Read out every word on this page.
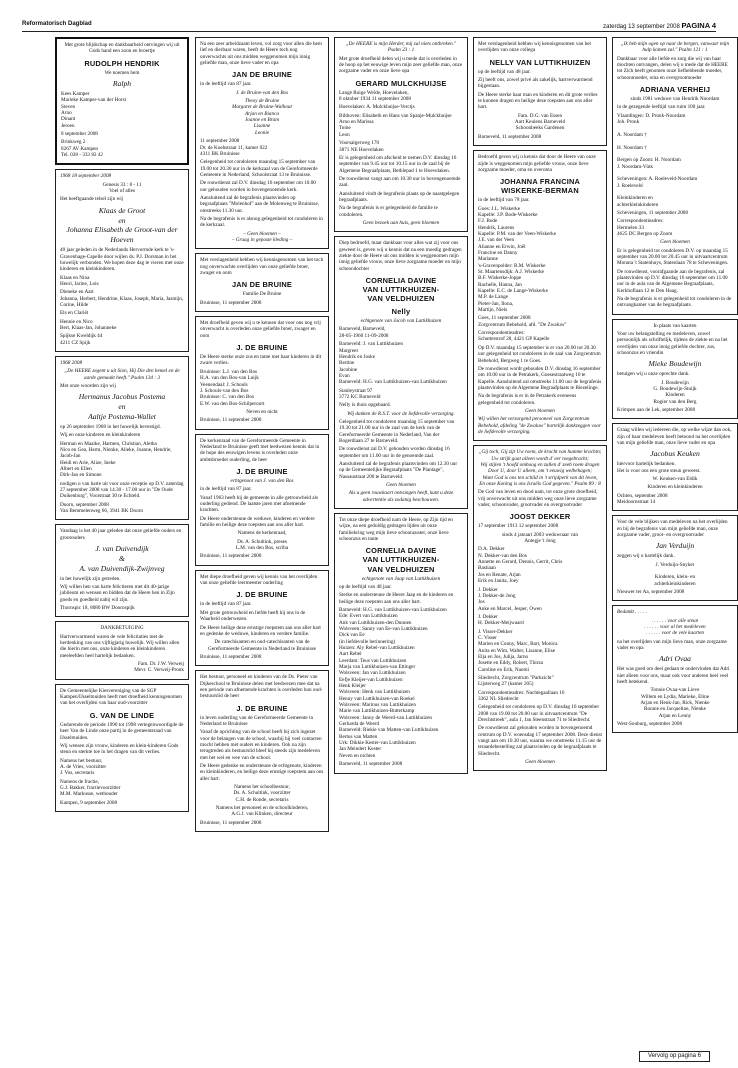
Reformatorisch Dagblad	zaterdag 13 september 2008 PAGINA 4

Met grote blijdschap en dankbaarheid ontvingen wij uit Gods hand een zoon en broertje

RUDOLPH HENDRIK

We noemen hem

Ralph

Kees Kamper
Marieke Kamper-van der Horst
Steven
Arno
Dinant
Jeroen

8 september 2008

Brinkweg 2
8267 AV Kampen
Tel. 038 - 333 82 42

1968 18 september 2008

Genesis 33 : 8 - 11
Voel of alles

Het heeftgaande telsel zijn wij

Klaas de Groot
en
Johanna Elisabeth de Groot-van der Hoeven

40 jaar geleden in de Nederlands Hervormde kerk te 's-Gravenhage-Capelle door wijlen ds. P.J. Dorsman in het huwelijk verbonden. We hopen deze dag te vieren met onze kinderen en kleinkinderen.

Klaas en Nina
Henri, Jarine, Lois

Dieneke en Aart
Johanna, Herbert, Hendrine, Klaas, Joseph, Maria, Jasmijn, Corine, Hilde

Els en Clariët

Hennie en Nico
Bert, Klaas-Jan, Johanneke

Spijkse Kweldijk 44
4211 CZ Spijk

1968 2008

„De HEERE zegent u uit Sion, Hij Die den hemel en de aarde gemaakt heeft." Psalm 134 : 3

Met onze woorden zijn wij

Hermanus Jacobus Postema
en
Aaltje Postema-Wallet

op 26 september 1968 in het huwelijk bevestigd.

Wij en onze kinderen en kleinkinderen

Herman en Maaike, Harmen, Christian, Aletha
Nico en Gea, Harm, Nienke, Alieke, Joanne, Hendrie, Jacob-Jan
Heidi en Arie, Alize, Ineke
Albert en Ellen
Dirk-Jan en Simone

nodigen u van harte uit voor onze receptie op D.V. zaterdag 27 september 2008 van 14.30 - 17.00 uur in "De Oude Duikenburg", Voorstraat 30 te Echteld.

Doorn, september 2008
Van Bemmelenweg 66, 3941 BK Doorn

Vandaag is het 40 jaar geleden dat onze geliefde ouders en grootouders

J. van Duivendijk
&
A. van Duivendijk-Zwijnveg

in het huwelijk zijn getreden.

Wij willen hen van harte feliciteren met dit 40-jarige jubileum en wensen en bidden dat de Heere hen in Zijn goeds en goedheid nabij wil zijn.

Thornspic 18, 8080 BW Doornspijk

DANKBETUIGING

Hartverwarmend waren de vele felicitaties met de herdenking van ons vijftigjarig huwelijk. Wij willen allen die hierin met ons, onze kinderen en kleinkinderen meeleefden heel hartelijk bedanken.

Fam. Dr. J.W. Verweij
Mevr. C. Verweij-Pronk

De Gemeentelijke Kiesvereniging van de SGP Kampen/IJsselmuiden heeft met droefheid kennisgenomen van het overlijden van haar oud-voorzitter

G. VAN DE LINDE

Gedurende de periode 1990 tot 1998 vertegenwoordigde de heer Van de Linde onze partij in de gemeenteraad van IJsselmuiden.

Wij wensen zijn vrouw, kinderen en klein-kinderen Gods steun en sterkte toe in het dragen van dit verlies.

Namens het bestuur,
A. de Vries, voorzitter
J. Vos, secretaris

Namens de fractie,
G.J. Bakker, fractievoorzitter
M.M. Markusse, wethouder

Kampen, 9 september 2008

Na een zeer arbeidzaam leven, vol zorg voor allen die hem lief en dierbaar waren, heeft de Heere toch nog onverwachts uit ons midden weggenomen mijn innig geliefde man, onze lieve vader en opa

JAN DE BRUINE

in de leeftijd van 87 jaar.

J. de Bruine-van den Bos

Theoy de Bruine
Margaret de Bruine-Walhout
Arjan en Bianca
Joanne en Bram
Lisanne
Leonie

11 september 2008
Dr. de Koehstraat 11, kamer 022
4311 BK Bruinisse

Gelegenheid tot condoleren maandag 15 september van 19.00 tot 20.30 uur in de kerkzaal van de Gereformeerde Gemeente in Nederland, Schoolstraat 13 te Bruinisse.

De rouwdienst zal D.V. dinsdag 16 september om 10.00 uur gehouden worden in bovengenoemde kerk.

Aansluitend zal de begrafenis plaatsvinden op begraafplaats "Molenhof" aan de Molenweg te Bruinisse, omstreeks 11.30 uur.

Na de begrafenis is er alsnog gelegenheid tot condoleren in de kerkzaal.

– Geen bloemen –
– Graag in gepaste kleding –

Met verslagenheid hebben wij kennisgenomen van het toch nog onverwachte overlijden van onze geliefde broer, zwager en oom

JAN DE BRUINE

Familie De Bruine

Bruinisse, 11 september 2008

Met droefheid geven wij u te kennen dat voor ons nog vrij onverwacht is overleden onze geliefde broer, zwager en oom

J. DE BRUINE

De Heere sterke onze zus en tante met haar kinderen in dit zware verlies.

Bruinisse: L.J. van den Bos
H.A. van den Bos-van Luijk
Veenendaal: J. Schouls
J. Schouls-van den Bos
Bruinisse: C. van den Bos
E.W. van den Bos-Schilperoort

Neven en nicht

Bruinisse, 11 september 2008

De kerkenraad van de Gereformeerde Gemeente in Nederland te Bruinisse geeft met leedwezen kennis dat in de hope des eeuwigen levens is overleden onze ambtsbroeder ouderling, de heer

J. DE BRUINE

echtgenoot van J. van den Bos

in de leeftijd van 87 jaar.

Vanaf 1963 heeft hij de gemeente in alle getrouwheid als ouderling gediend. De laatste jaren met afnemende krachten.

De Heere ondersteune de weduwe, kinderen en verdere familie en heilige deze roepsten aan ons aller hart.

Namens de kerkenraad,

Ds. A. Schultink, preses
L.M. van den Bos, scriba

Bruinisse, 11 september 2008

Met diepe droefheid geven wij kennis van het overlijden van onze geliefde leermeester ouderling

J. DE BRUINE

in de leeftijd van 87 jaar.

Met grote getrouwheid en liefde heeft hij ons in de Waarheid onderwezen.

De Heere heilige deze ernstige roepstem aan ons aller hart en gedenke de weduwe, kinderen en verdere familie.

De catechisanten en oud-catechisanten van de Gereformeerde Gemeente in Nederland te Bruinisse

Bruinisse, 11 september 2008

Het bestuur, personeel en kinderen van de Ds. Pieter van Dijkeschool te Bruinisse delen met leedwezen mee dat na een periode van afnemende krachten is overleden hun oud-bestuurslid de heer

J. DE BRUINE

in leven ouderling van de Gereformeerde Gemeente in Nederland te Bruinisse

Vanaf de oprichting van de school heeft hij zich ingezet voor de belangen van de school, waarbij hij veel contacten mocht hebben met ouders en kinderen. Ook na zijn terugtreden als bestuurslid bleef hij steeds zijn medeleven met het wel en wee van de school.

De Heere gedenke en ondersteune de echtgenote, kinderen en kleinkinderen, en heilige deze ernstige roepstem aan ons aller hart.

Namens het schoolbestuur,
Ds. A. Schultink, voorzitter
C.H. de Ronde, secretaris

Namens het personeel en de schoolkinderen,
A.G.J. van Klinken, directeur

Bruinisse, 11 september 2008

„De HEERE is mijn Herder, mij zal niets ontbreken." Psalm 23 : 1

Met grote droefheid delen wij u mede dat is overleden in de hoop op het eeuwige leven mijn zeer geliefde man, onze zorgzame vader en onze lieve opa

GERARD MULCKHUIJSE

Lange Ruige Weide, Hoevelaken,
8 oktober 1934 11 september 2008

Hoevelaken: A. Mulckhuijse-Verctjs

Bilthoven: Elisabeth en Hans van Spanje-Mulckhuijse
Arno en Marissa
Toine
Leon

Voorsalgerweg 170
3871 NE Hoevelaken

Er is gelegenheid om afscheid te nemen D.V. dinsdag 16 september van 9.45 uur tot 10.15 uur in de zaal bij de Algemene Begraafplaats, Bethlepad 1 te Hoevelaken.

De rouwdienst vangt aan om 10.30 uur in bovengenoemde zaal.

Aansluitend vindt de begrafenis plaats op de naastgelegen begraafplaats.

Na de begrafenis is er gelegenheid de familie te condoleren.

Geen bezoek aan huis, geen bloemen

Diep bedroefd, maar dankbaar voor alles wat zij voor ons geweest is, geven wij u kennis dat na een moedig gedragen ziekte door de Heere uit ons midden is weggenomen mijn innig geliefde vrouw, onze lieve zorgzame moeder en mijn schoondochter

CORNELIA DAVINE
VAN LUTTIKHUIZEN-
VAN VELDHUIZEN

Nelly

echtgenote van Jacob van Luttikhuizen

Barneveld, Barneveld,
28-05-1960 11-09-2008

Barneveld: J. van Luttikhuizen
Margreet
Hendrik en Joske
Bertine
Jacobine
Evan
Barneveld: H.G. van Luttikhuizen-van Luttikhuizen

Stanleystraat 97
3772 KC Barneveld

Nelly is thuis opgebaard.

Wij danken de R.S.T. voor de liefdevolle verzorging.

Gelegenheid tot condoleren maandag 15 september van 19.30 tot 21.00 uur in de zaal van de kerk van de Gereformeerde Gemeente in Nederland, Van der Bogerdlaan 27 te Barneveld.

De rouwdienst zal D.V. gehouden worden dinsdag 16 september om 11.00 uur in de genoemde zaal.

Aansluitend zal de begrafenis plaatsvinden om 12.30 uur op de Gemeentelijke Begraafplaats "De Plantage", Nassaustraat 200 te Barneveld.

Geen bloemen

Als u geen rouwkaart ontvangen heeft, kunt u deze advertentie als zodanig beschouwen.

Tot onze diepe droefheid nam de Heere, op Zijn tijd en wijze, na een geduldig gedragen lijden uit onze familiekring weg mijn lieve schoonzuster, onze lieve schoonzus en tante

CORNELIA DAVINE
VAN LUTTIKHUIZEN-
VAN VELDHUIZEN

echtgenote van Jaap van Luttikhuizen

op de leeftijd van 48 jaar.

Sterke en ondersteune de Heere Jaap en de kinderen en heilige deze roepsten aan ons aller hart.

Barneveld: H.G. van Luttikhuizen-van Luttikhuizen
Ede: Evert van Luttikhuizen
Ank van Luttikhuizen-den Dunnen
Wolsveen: Sanny van Ee-van Luttikhuizen
Dick van Ee
(in liefdevolle herinnering)
Huizen: Aly Rebel-van Luttikhuizen
Aart Rebel
Leerdam: Teus van Luttikhuizen
Marja van Luttikhuizen-van Ettinger
Wolsveen: Jan van Luttikhuizen
Eefje Kleijer-van Luttikhuizen
Henk Kleijer
Wolsveen: Henk van Luttikhuizen
Henny van Luttikhuizen-van Roekel
Wolsveen: Marinus van Luttikhuizen
Marie van Luttikhuizen-Butterkamp
Wolsveen: Janny de Weerd-van Luttikhuizen
Gerharda de Weerd
Barneveld: Riekie van Matten-van Luttikhuizen
Bertus van Matten
Urk: Dikkie Kester-van Luttikhuizen
Jan Meindert Kester
Neven en nichten

Barneveld, 11 september 2008

Met verslagenheid hebben wij kennisgenomen van het overlijden van onze collega

NELLY VAN LUTTIKHUIZEN

op de leeftijd van 48 jaar.

Zij heeft ons, zowel privé als zakelijk, hartverwarmend bijgestaan.

De Heere sterke haar man en kinderen en dit grote verlies te kunnen dragen en heilige deze roepsten aan ons aller hart.

Fam. D.G. van Essen
Aart Keulens Barneveld
Schoonbeeks Gardenen

Barneveld, 11 september 2008

Bedroefd geven wij u kennis dat door de Heere van onze zijde is weggenomen mijn geliefde vrouw, onze lieve zorgzame moeder, oma en overoma

JOHANNA FRANCINA
WISKERKE-BERMAN

in de leeftijd van 78 jaar.

Goes: J.L. Wiskerke
Kapelle: J.P. Bode-Wiskerke
F.J. Bode
Hendrik, Laurens
Kapelle: P.M. van der Veen-Wiskerke
J.E. van der Veen
Alianne en Erwin, Joël
Francine en Danny
Marianne
's-Gravenpolder: B.M. Wiskerke
St. Maartensdijk: A.J. Wiskerke
B.F. Wiskerke-Joppe
Rachelle, Hanna, Jan
Kapelle: E.C. de Lange-Wiskerke
M.P. de Lange
Pieter-Jan, Ilona,
Martijn, Niels

Goes, 11 september 2008
Zorgcentrum Bebehold, afd. "De Zwaluw"

Correspondentieadres:
Schutterstrof 28, 4421 GP Kapelle

Op D.V. maandag 15 september is er van 20.00 tot 20.30 uur gelegenheid tot condoleren in de zaal van Zorgcentrum Bebehold, Bergweg 1 te Goes.

De rouwdienst wordt gehouden D.V. dinsdag 16 september om 10.00 uur in de Petrakerk, Goesestraatweg 10 te Kapelle. Aansluitend zal omstreeks 11.00 uur de begrafenis plaatsvinden op de Algemene Begraafplaats te Biezelinge.

Na de begrafenis is er in de Petrakerk eveneens gelegenheid tot condoleren.

Geen bloemen

Wij willen het verzorgend personeel van Zorgcentrum Bebehold, afdeling "de Zwaluw" hartelijk dankzeggen voor de liefdevolle verzorging.

„Gij toch, Gij zijt Uw roem, de kracht van humme krachtn;
Uw strijk gaat alleen wordt d' eer toegebracht;
Wij stijlen 't hoofd omhoog en zullen d' zeeh roem dragen
Door U, door U alleen, om 't eeuwig welbehagen;
Want God is ons ten schild in 't strijdperk van dit leven,
En onze Koning is ons Israëls God gegeven." Psalm 89 : 8

De God van leven en dood nam, tot onze grote droefheid, vrij onverwacht uit ons midden weg onze lieve zorgzame vader, schoonvader, grootvader en overgrootvader

JOOST DEKKER

17 september 1913 12 september 2008

sinds 4 januari 2003 weduwnaar van
Antegje 't Jong

D.A. Dekker
N. Dekker-van den Bos
Annette en Gerard, Dennis, Gerrit, Chris
Bastiaan
Jos en Renate, Arjan
Erik en Janita, Joey

J. Dekker
J. Dekker-de Jong
Jos
Anke en Marcel, Jesper, Owen

J. Dekker
H. Dekker-Meijwaard

J. Visser-Dekker
C. Visser
Marien en Conny, Marc, Bart, Monica
Anita en Wim, Walter, Lisanne, Elise
Elja en Jos, Julija, Jarno
Josette en Eddy, Robert, Thirza
Caroline en Erik, Naomi

Sliedrecht, Zorgcentrum "Parkzicht"
Lijsterweg 27 (kamer 205)

Correspondentieadres: Nachtegaallaan 16
3362 NL Sliedrecht

Gelegenheid tot condoleren op D.V. dinsdag 16 september 2008 van 19.00 tot 20.00 uur in uitvaartcentrum "De Drechtstreek", aula 1, Jan Steenstraat 71 te Sliedrecht.

De rouwdienst zal gehouden worden in bovengenoemd centrum op D.V. woensdag 17 september 2008. Deze dienst vangt aan om 10.30 uur, waarna we omstreeks 11.15 uur de teraardebestelling zal plaatsvinden op de begraafplaats te Sliedrecht.

Geen bloemen

„Ik heb mijn ogen op naar de bergen, vanwaar mijn hulp komen zal." Psalm 121 : 1

Dankbaar voor alle liefde en zorg die wij van haar mochten ontvangen, delen wij u mede dat de HEERE tot Zich heeft genomen onze liefhebbende moeder, schoonmoeder, oma en overgrootmoeder

ADRIANA VERHEIJ

sinds 1981 weduwe van Hendrik Noordam

in de gezegende leeftijd van ruim 100 jaar.

Vlaardingen: D. Pronk-Noordam
Joh. Pronk

A. Noordam †

H. Noordam †

Bergen op Zoom: H. Noordam
J. Noordam-Vink

Scheveningen: A. Roeleveld-Noordam
J. Roeleveld

Kleinkinderen en
achterkleinkinderen

Scheveningen, 11 september 2008

Correspondentieadres:
Hermelen 33
4625 DC Bergen op Zoom

Geen bloemen

Er is gelegenheid tot condoleren D.V. op maandag 15 september van 20.00 tot 20.45 uur in uitvaartcentrum Monuta 't Statenhuys, Statenlaan 78 te Scheveningen.

De rouwdienst, voorafgaande aan de begrafenis, zal plaatsvinden op D.V. dinsdag 16 september om 11.00 uur in de aula van de Algemene Begraafplaats, Kerkhoflaan 12 te Den Haag.

Na de begrafenis is er gelegenheid tot condoleren in de ontvangkamer van de begraafplaats.

In plaats van kaarten

Voor uw belangstelling en medeleven, zowel persoonlijk als schriftelijk, tijdens de ziekte en na het overlijden van onze innig geliefde dochter, zus, schoonzus en vriendin

Mieke Boudewijn

betuigen wij u onze oprechte dank.

J. Boudewijn
G. Boudewijn-Stuijk
Kinderen
Rogier van den Berg

Krimpen aan de Lek, september 2008

Graag willen wij iedereen die, op welke wijze dan ook, zijn of haar medeleven heeft betoond na het overlijden van mijn geliefde man, onze lieve vader en opa

Jacobus Keuken

hiervoor hartelijk bedanken.
Het is voor ons een grote steun geweest.

W. Keuken-van Eldik

Kinderen en kleinkinderen

Ochten, september 2008
Meidoornstraat 14

Voor de vele blijken van medeleven na het overlijden en bij de begrafenis van mijn geliefde man, onze zorgzame vader, groot- en overgrootvader

Jan Verduijn

zeggen wij u hartelijk dank.

J. Verduijn-Snyker

Kinderen, klein- en
achterkleinkinderen

Nieuwer ter Aa, september 2008

Bedankt . . . . .

. . . . . . voor alle steun
. . . . . . voor al het medeleven
. . . . . . voor de vele kaarten

na het overlijden van mijn lieve man, onze zorgzame vader en opa

Adri Ovaa

Het was goed om deel gedaan te ondervinden dat Adri niet alleen voor ons, maar ook voor anderen heel veel heeft betekend.

Tonnie Ovaa-van Lieve
Willem en Lydia, Marieke, Eline
Arjan en Henk-Jan, Rick, Nienke
Ronnie en Jacqueline, Nienke
Arjan en Lenny

West-Souburg, september 2008

Vervolg op pagina 6
